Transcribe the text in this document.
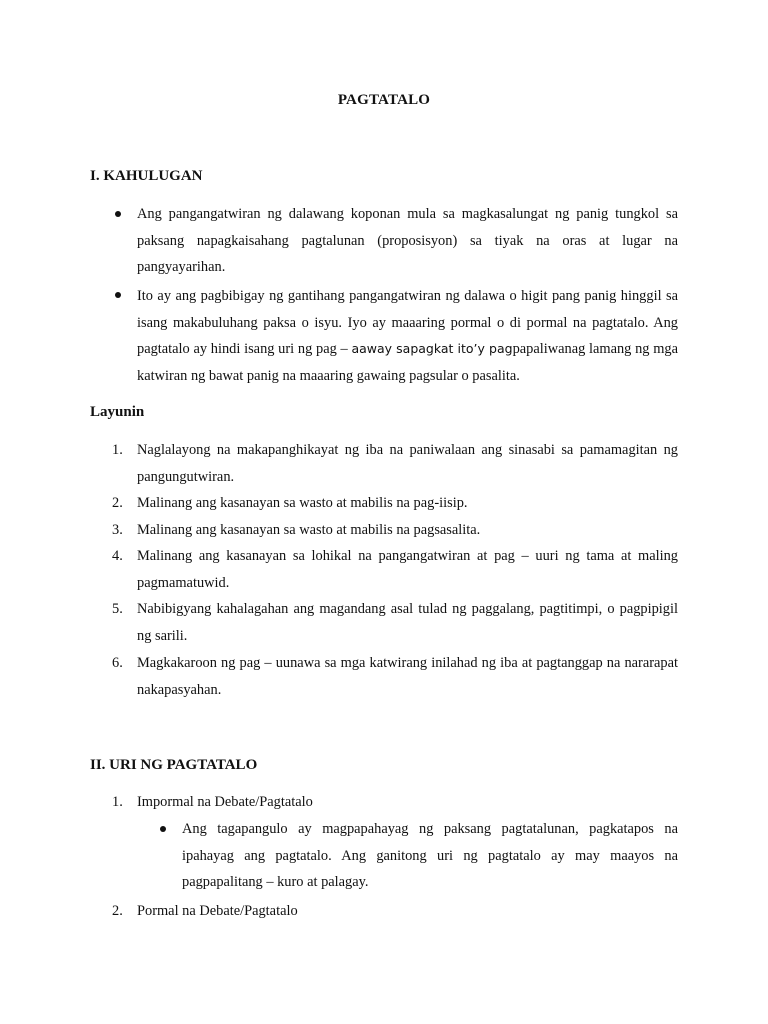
PAGTATALO
I. KAHULUGAN
Ang pangangatwiran ng dalawang koponan mula sa magkasalungat ng panig tungkol sa paksang napagkaisahang pagtalunan (proposisyon) sa tiyak na oras at lugar na pangyayarihan.
Ito ay ang pagbibigay ng gantihang pangangatwiran ng dalawa o higit pang panig hinggil sa isang makabuluhang paksa o isyu. Iyo ay maaaring pormal o di pormal na pagtatalo. Ang pagtatalo ay hindi isang uri ng pag – aaway sapagkat ito’y pagpapaliwanag lamang ng mga katwiran ng bawat panig na maaaring gawaing pagsular o pasalita.
Layunin
1. Naglalayong na makapanghikayat ng iba na paniwalaan ang sinasabi sa pamamagitan ng pangungutwiran.
2. Malinang ang kasanayan sa wasto at mabilis na pag-iisip.
3. Malinang ang kasanayan sa wasto at mabilis na pagsasalita.
4. Malinang ang kasanayan sa lohikal na pangangatwiran at pag – uuri ng tama at maling pagmamatuwid.
5. Nabibigyang kahalagahan ang magandang asal tulad ng paggalang, pagtitimpi, o pagpipigil ng sarili.
6. Magkakaroon ng pag – uunawa sa mga katwirang inilahad ng iba at pagtanggap na nararapat nakapasyahan.
II. URI NG PAGTATALO
1. Impormal na Debate/Pagtatalo
Ang tagapangulo ay magpapahayag ng paksang pagtatalunan, pagkatapos na ipahayag ang pagtatalo. Ang ganitong uri ng pagtatalo ay may maayos na pagpapalitang – kuro at palagay.
2. Pormal na Debate/Pagtatalo
